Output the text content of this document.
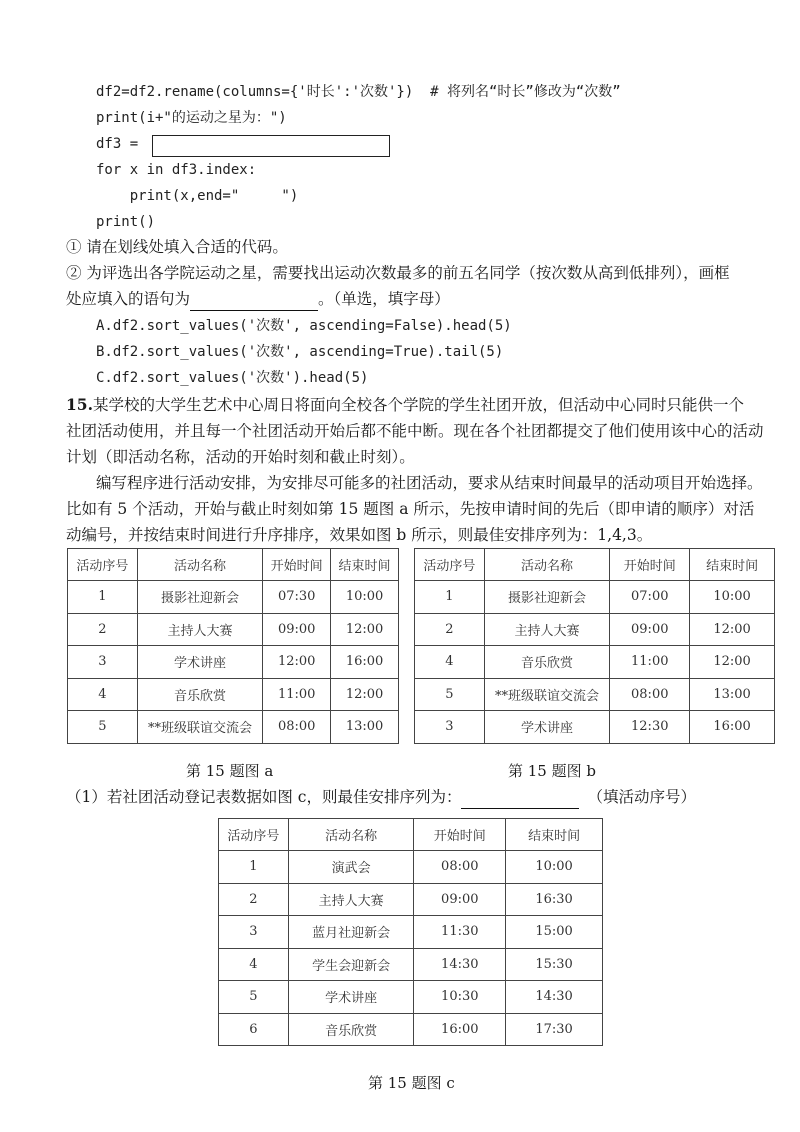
df2=df2.rename(columns={'时长':'次数'})  # 将列名“时长”修改为“次数”
print(i+"的运动之星为：")
df3 =
for x in df3.index:
print(x,end="     ")
print()
① 请在划线处填入合适的代码。
② 为评选出各学院运动之星，需要找出运动次数最多的前五名同学（按次数从高到低排列），画框
处应填入的语句为	。（单选，填字母）
A.df2.sort_values('次数', ascending=False).head(5)
B.df2.sort_values('次数', ascending=True).tail(5)
C.df2.sort_values('次数').head(5)
15.某学校的大学生艺术中心周日将面向全校各个学院的学生社团开放，但活动中心同时只能供一个
社团活动使用，并且每一个社团活动开始后都不能中断。现在各个社团都提交了他们使用该中心的活动
计划（即活动名称，活动的开始时刻和截止时刻）。
编写程序进行活动安排，为安排尽可能多的社团活动，要求从结束时间最早的活动项目开始选择。
比如有 5 个活动，开始与截止时刻如第 15 题图 a 所示，先按申请时间的先后（即申请的顺序）对活
动编号，并按结束时间进行升序排序，效果如图 b 所示，则最佳安排序列为：1,4,3。
活动序号	活动名称	开始时间	结束时间
1	摄影社迎新会	07:30	10:00
2	主持人大赛	09:00	12:00
3	学术讲座	12:00	16:00
4	音乐欣赏	11:00	12:00
5	**班级联谊交流会	08:00	13:00
活动序号	活动名称	开始时间	结束时间
1	摄影社迎新会	07:00	10:00
2	主持人大赛	09:00	12:00
4	音乐欣赏	11:00	12:00
5	**班级联谊交流会	08:00	13:00
3	学术讲座	12:30	16:00
第 15 题图 a	第 15 题图 b
（1）若社团活动登记表数据如图 c，则最佳安排序列为：	（填活动序号）
活动序号	活动名称	开始时间	结束时间
1	演武会	08:00	10:00
2	主持人大赛	09:00	16:30
3	蓝月社迎新会	11:30	15:00
4	学生会迎新会	14:30	15:30
5	学术讲座	10:30	14:30
6	音乐欣赏	16:00	17:30
第 15 题图 c
